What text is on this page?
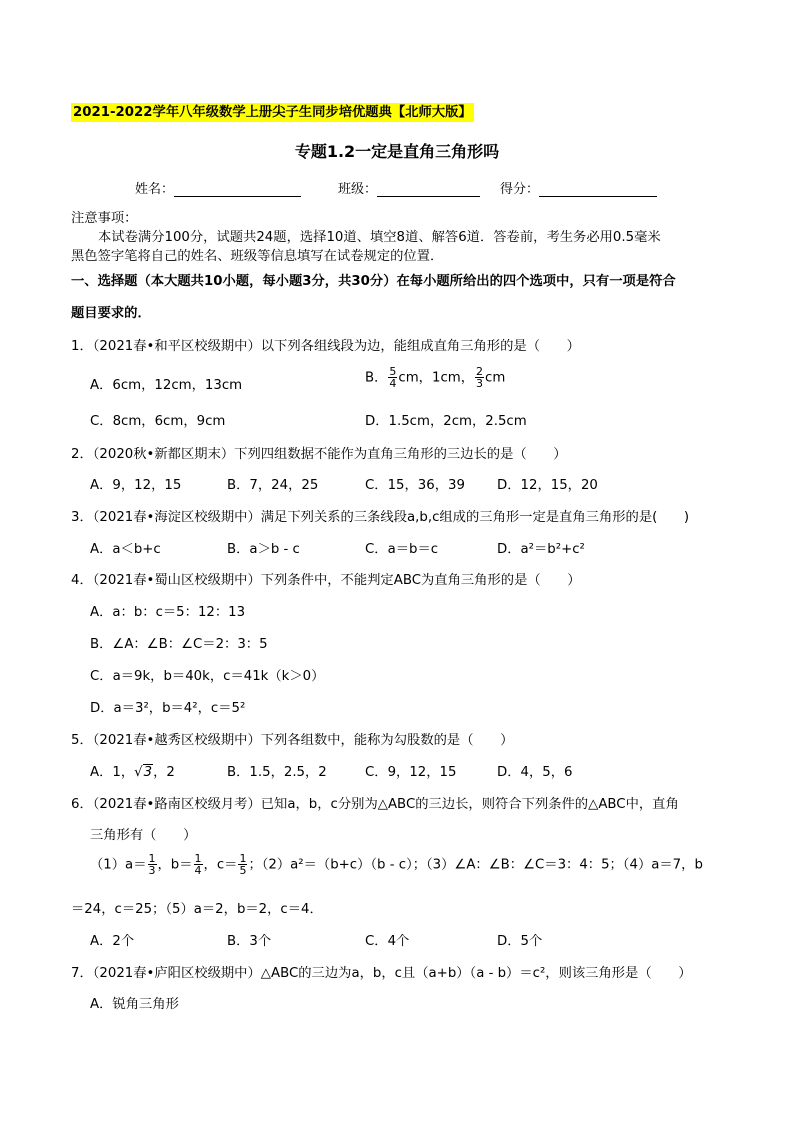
2021-2022学年八年级数学上册尖子生同步培优题典【北师大版】
专题1.2一定是直角三角形吗
姓名：	班级：	得分：
注意事项：
本试卷满分100分，试题共24题，选择10道、填空8道、解答6道．答卷前，考生务必用0.5毫米
黑色签字笔将自己的姓名、班级等信息填写在试卷规定的位置．
一、选择题（本大题共10小题，每小题3分，共30分）在每小题所给出的四个选项中，只有一项是符合
题目要求的．
1．（2021春•和平区校级期中）以下列各组线段为边，能组成直角三角形的是（　　）
A．6cm，12cm，13cm	B． $\frac{5}{4}$ cm，1cm， $\frac{2}{3}$ cm
C．8cm，6cm，9cm	D．1.5cm，2cm，2.5cm
2．（2020秋•新都区期末）下列四组数据不能作为直角三角形的三边长的是（　　）
A．9，12，15	B．7，24，25	C．15，36，39 D．12，15，20
3．（2021春•海淀区校级期中）满足下列关系的三条线段a,b,c组成的三角形一定是直角三角形的是(　　)
A．a＜b+c	B．a＞b - c	C．a＝b＝c	D．a²＝b²+c²
4．（2021春•蜀山区校级期中）下列条件中，不能判定ABC为直角三角形的是（　　）
A．a：b：c＝5：12：13
B．∠A：∠B：∠C＝2：3：5
C．a＝9k，b＝40k，c＝41k（k＞0）
D．a＝3²，b＝4²，c＝5²
5．（2021春•越秀区校级期中）下列各组数中，能称为勾股数的是（　　）
A．1，√3，2	B．1.5，2.5，2	C．9，12，15	D．4，5，6
6．（2021春•路南区校级月考）已知a，b，c分别为△ABC的三边长，则符合下列条件的△ABC中，直角
三角形有（　　）
$(1)a= \frac{1}{3}$ ，$b= \frac{1}{4}$ ，$c= \frac{1}{5}$ ；（2）a²＝（b+c）（b - c）；（3）∠A：∠B：∠C＝3：4：5；（4）a＝7，b
＝24，c＝25；（5）a＝2，b＝2，c＝4．
A．2个	B．3个	C．4个	D．5个
7．（2021春•庐阳区校级期中）△ABC的三边为a，b，c且（a+b）（a - b）＝c²，则该三角形是（　　）
A．锐角三角形
